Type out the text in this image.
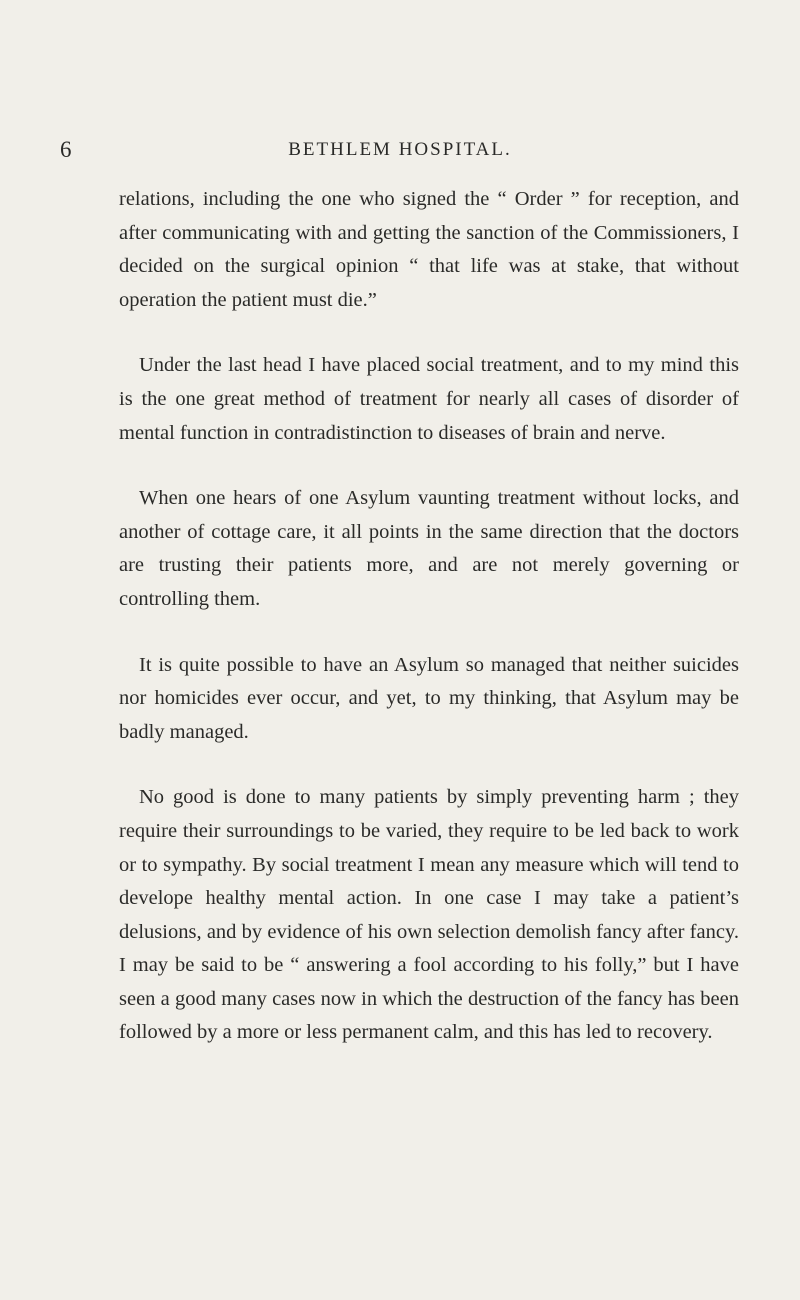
6	BETHLEM HOSPITAL.

relations, including the one who signed the “ Order ” for reception, and after communicating with and getting the sanction of the Commissioners, I decided on the surgical opinion “ that life was at stake, that without operation the patient must die.”

Under the last head I have placed social treatment, and to my mind this is the one great method of treatment for nearly all cases of disorder of mental function in contradistinction to diseases of brain and nerve.

When one hears of one Asylum vaunting treatment without locks, and another of cottage care, it all points in the same direction that the doctors are trusting their patients more, and are not merely governing or controlling them.

It is quite possible to have an Asylum so managed that neither suicides nor homicides ever occur, and yet, to my thinking, that Asylum may be badly managed.

No good is done to many patients by simply preventing harm ; they require their surroundings to be varied, they require to be led back to work or to sympathy. By social treatment I mean any measure which will tend to develope healthy mental action. In one case I may take a patient’s delusions, and by evidence of his own selection demolish fancy after fancy. I may be said to be “ answering a fool according to his folly,” but I have seen a good many cases now in which the destruction of the fancy has been followed by a more or less permanent calm, and this has led to recovery.
